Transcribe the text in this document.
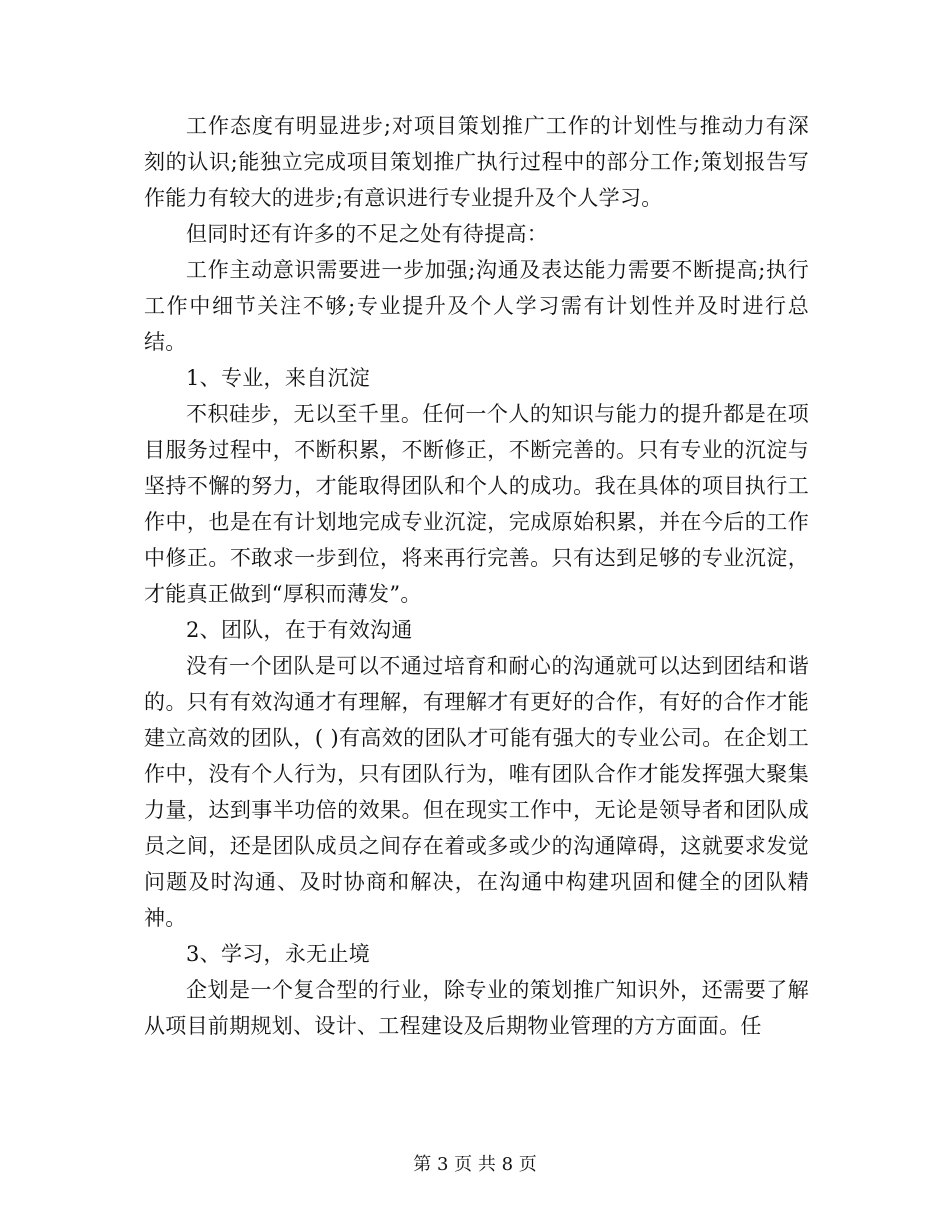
工作态度有明显进步;对项目策划推广工作的计划性与推动力有深刻的认识;能独立完成项目策划推广执行过程中的部分工作;策划报告写作能力有较大的进步;有意识进行专业提升及个人学习。

但同时还有许多的不足之处有待提高：

工作主动意识需要进一步加强;沟通及表达能力需要不断提高;执行工作中细节关注不够;专业提升及个人学习需有计划性并及时进行总结。

1、专业，来自沉淀

不积硅步，无以至千里。任何一个人的知识与能力的提升都是在项目服务过程中，不断积累，不断修正，不断完善的。只有专业的沉淀与坚持不懈的努力，才能取得团队和个人的成功。我在具体的项目执行工作中，也是在有计划地完成专业沉淀，完成原始积累，并在今后的工作中修正。不敢求一步到位，将来再行完善。只有达到足够的专业沉淀，才能真正做到“厚积而薄发”。

2、团队，在于有效沟通

没有一个团队是可以不通过培育和耐心的沟通就可以达到团结和谐的。只有有效沟通才有理解，有理解才有更好的合作，有好的合作才能建立高效的团队，( )有高效的团队才可能有强大的专业公司。在企划工作中，没有个人行为，只有团队行为，唯有团队合作才能发挥强大聚集力量，达到事半功倍的效果。但在现实工作中，无论是领导者和团队成员之间，还是团队成员之间存在着或多或少的沟通障碍，这就要求发觉问题及时沟通、及时协商和解决，在沟通中构建巩固和健全的团队精神。

3、学习，永无止境

企划是一个复合型的行业，除专业的策划推广知识外，还需要了解从项目前期规划、设计、工程建设及后期物业管理的方方面面。任

第 3 页 共 8 页
